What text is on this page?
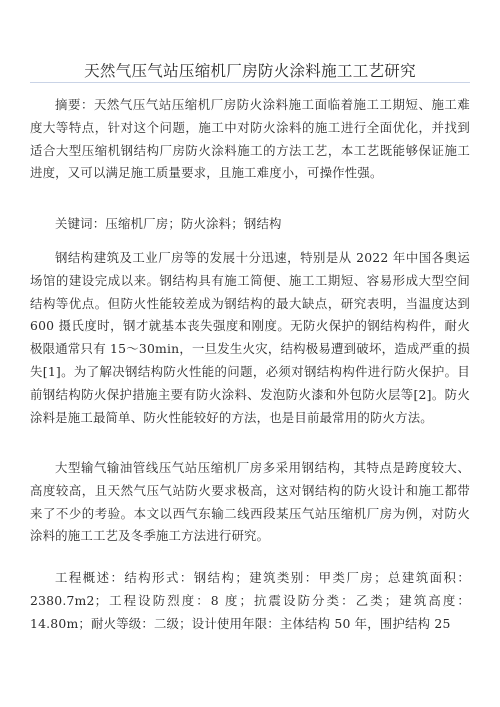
天然气压气站压缩机厂房防火涂料施工工艺研究

摘要：天然气压气站压缩机厂房防火涂料施工面临着施工工期短、施工难度大等特点，针对这个问题，施工中对防火涂料的施工进行全面优化，并找到适合大型压缩机钢结构厂房防火涂料施工的方法工艺，本工艺既能够保证施工进度，又可以满足施工质量要求，且施工难度小，可操作性强。

关键词：压缩机厂房；防火涂料；钢结构

钢结构建筑及工业厂房等的发展十分迅速，特别是从 2022 年中国各奥运场馆的建设完成以来。钢结构具有施工简便、施工工期短、容易形成大型空间结构等优点。但防火性能较差成为钢结构的最大缺点，研究表明，当温度达到 600 摄氏度时，钢才就基本丧失强度和刚度。无防火保护的钢结构构件，耐火极限通常只有 15～30min，一旦发生火灾，结构极易遭到破坏，造成严重的损失[1]。为了解决钢结构防火性能的问题，必须对钢结构构件进行防火保护。目前钢结构防火保护措施主要有防火涂料、发泡防火漆和外包防火层等[2]。防火涂料是施工最简单、防火性能较好的方法，也是目前最常用的防火方法。

大型输气输油管线压气站压缩机厂房多采用钢结构，其特点是跨度较大、高度较高，且天然气压气站防火要求极高，这对钢结构的防火设计和施工都带来了不少的考验。本文以西气东输二线西段某压气站压缩机厂房为例，对防火涂料的施工工艺及冬季施工方法进行研究。

工程概述：结构形式：钢结构；建筑类别：甲类厂房；总建筑面积：2380.7m2；工程设防烈度：8 度；抗震设防分类：乙类；建筑高度：14.80m；耐火等级：二级；设计使用年限：主体结构 50 年，围护结构 25
